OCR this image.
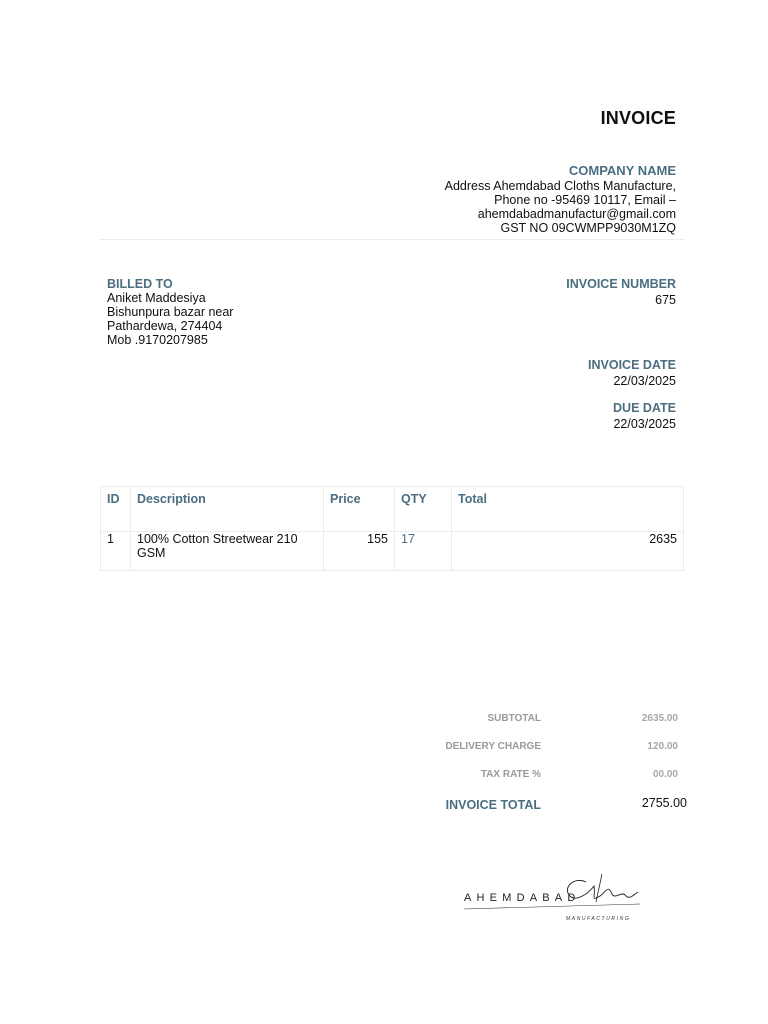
INVOICE
COMPANY NAME
Address Ahemdabad Cloths Manufacture,
Phone no -95469 10117, Email –
ahemdabadmanufactur@gmail.com
GST NO 09CWMPP9030M1ZQ
BILLED TO
Aniket Maddesiya
Bishunpura bazar near
Pathardewa, 274404
Mob .9170207985
INVOICE NUMBER
675
INVOICE DATE
22/03/2025
DUE DATE
22/03/2025
ID	Description	Price	QTY	Total
1	100% Cotton Streetwear 210 GSM	155	17	2635
SUBTOTAL	2635.00
DELIVERY CHARGE	120.00
TAX RATE %	00.00
INVOICE TOTAL	2755.00
AHEMDABAD
MANUFACTURING
